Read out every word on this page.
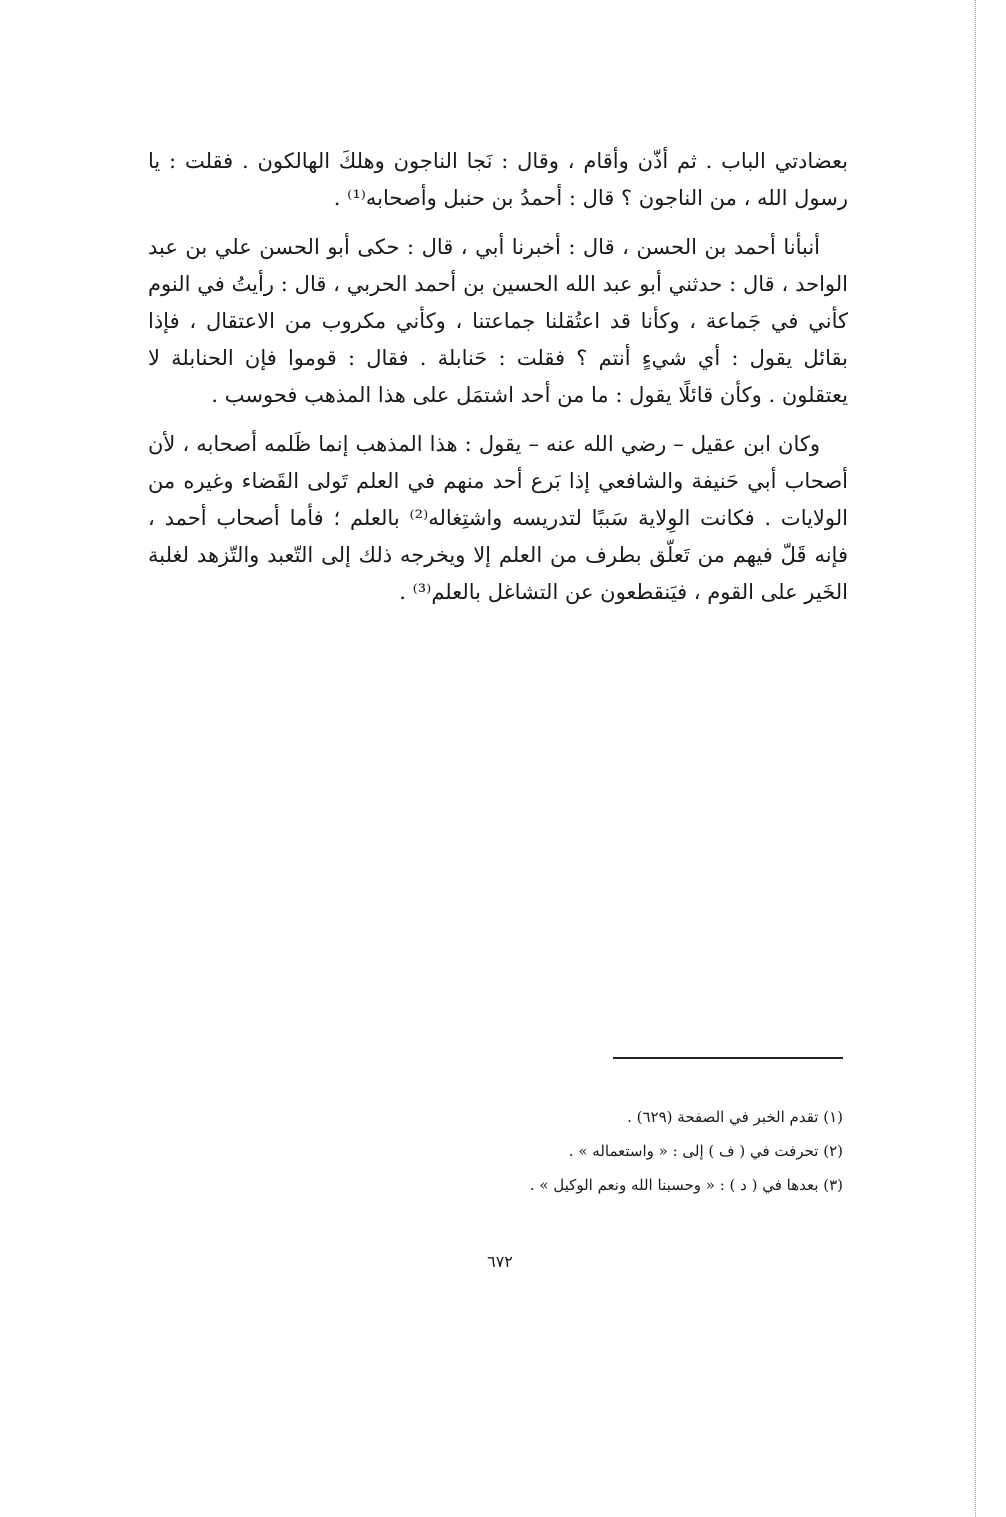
بعضادتي الباب . ثم أذّن وأقام ، وقال : نَجا الناجون وهلكَ الهالكون . فقلت : يا رسول الله ، من الناجون ؟ قال : أحمدُ بن حنبل وأصحابه⁽¹⁾ .

أنبأنا أحمد بن الحسن ، قال : أخبرنا أبي ، قال : حكى أبو الحسن علي بن عبد الواحد ، قال : حدثني أبو عبد الله الحسين بن أحمد الحربي ، قال : رأيتُ في النوم كأني في جَماعة ، وكأنا قد اعتُقلنا جماعتنا ، وكأني مكروب من الاعتقال ، فإذا بقائل يقول : أي شيءٍ أنتم ؟ فقلت : حَنابلة . فقال : قوموا فإن الحنابلة لا يعتقلون . وكأن قائلًا يقول : ما من أحد اشتمَل على هذا المذهب فحوسب .

وكان ابن عقيل – رضي الله عنه – يقول : هذا المذهب إنما ظَلمه أصحابه ، لأن أصحاب أبي حَنيفة والشافعي إذا بَرع أحد منهم في العلم تَولى القَضاء وغيره من الولايات . فكانت الوِلاية سَببًا لتدريسه واشتِغاله⁽²⁾ بالعلم ؛ فأما أصحاب أحمد ، فإنه قَلّ فيهم من تَعلّق بطرف من العلم إلا ويخرجه ذلك إلى التّعبد والتّزهد لغلبة الخَير على القوم ، فيَنقطعون عن التشاغل بالعلم⁽³⁾ .

(١) تقدم الخبر في الصفحة (٦٢٩) .

(٢) تحرفت في ( ف ) إلى : « واستعماله » .

(٣) بعدها في ( د ) : « وحسبنا الله ونعم الوكيل » .

٦٧٢
